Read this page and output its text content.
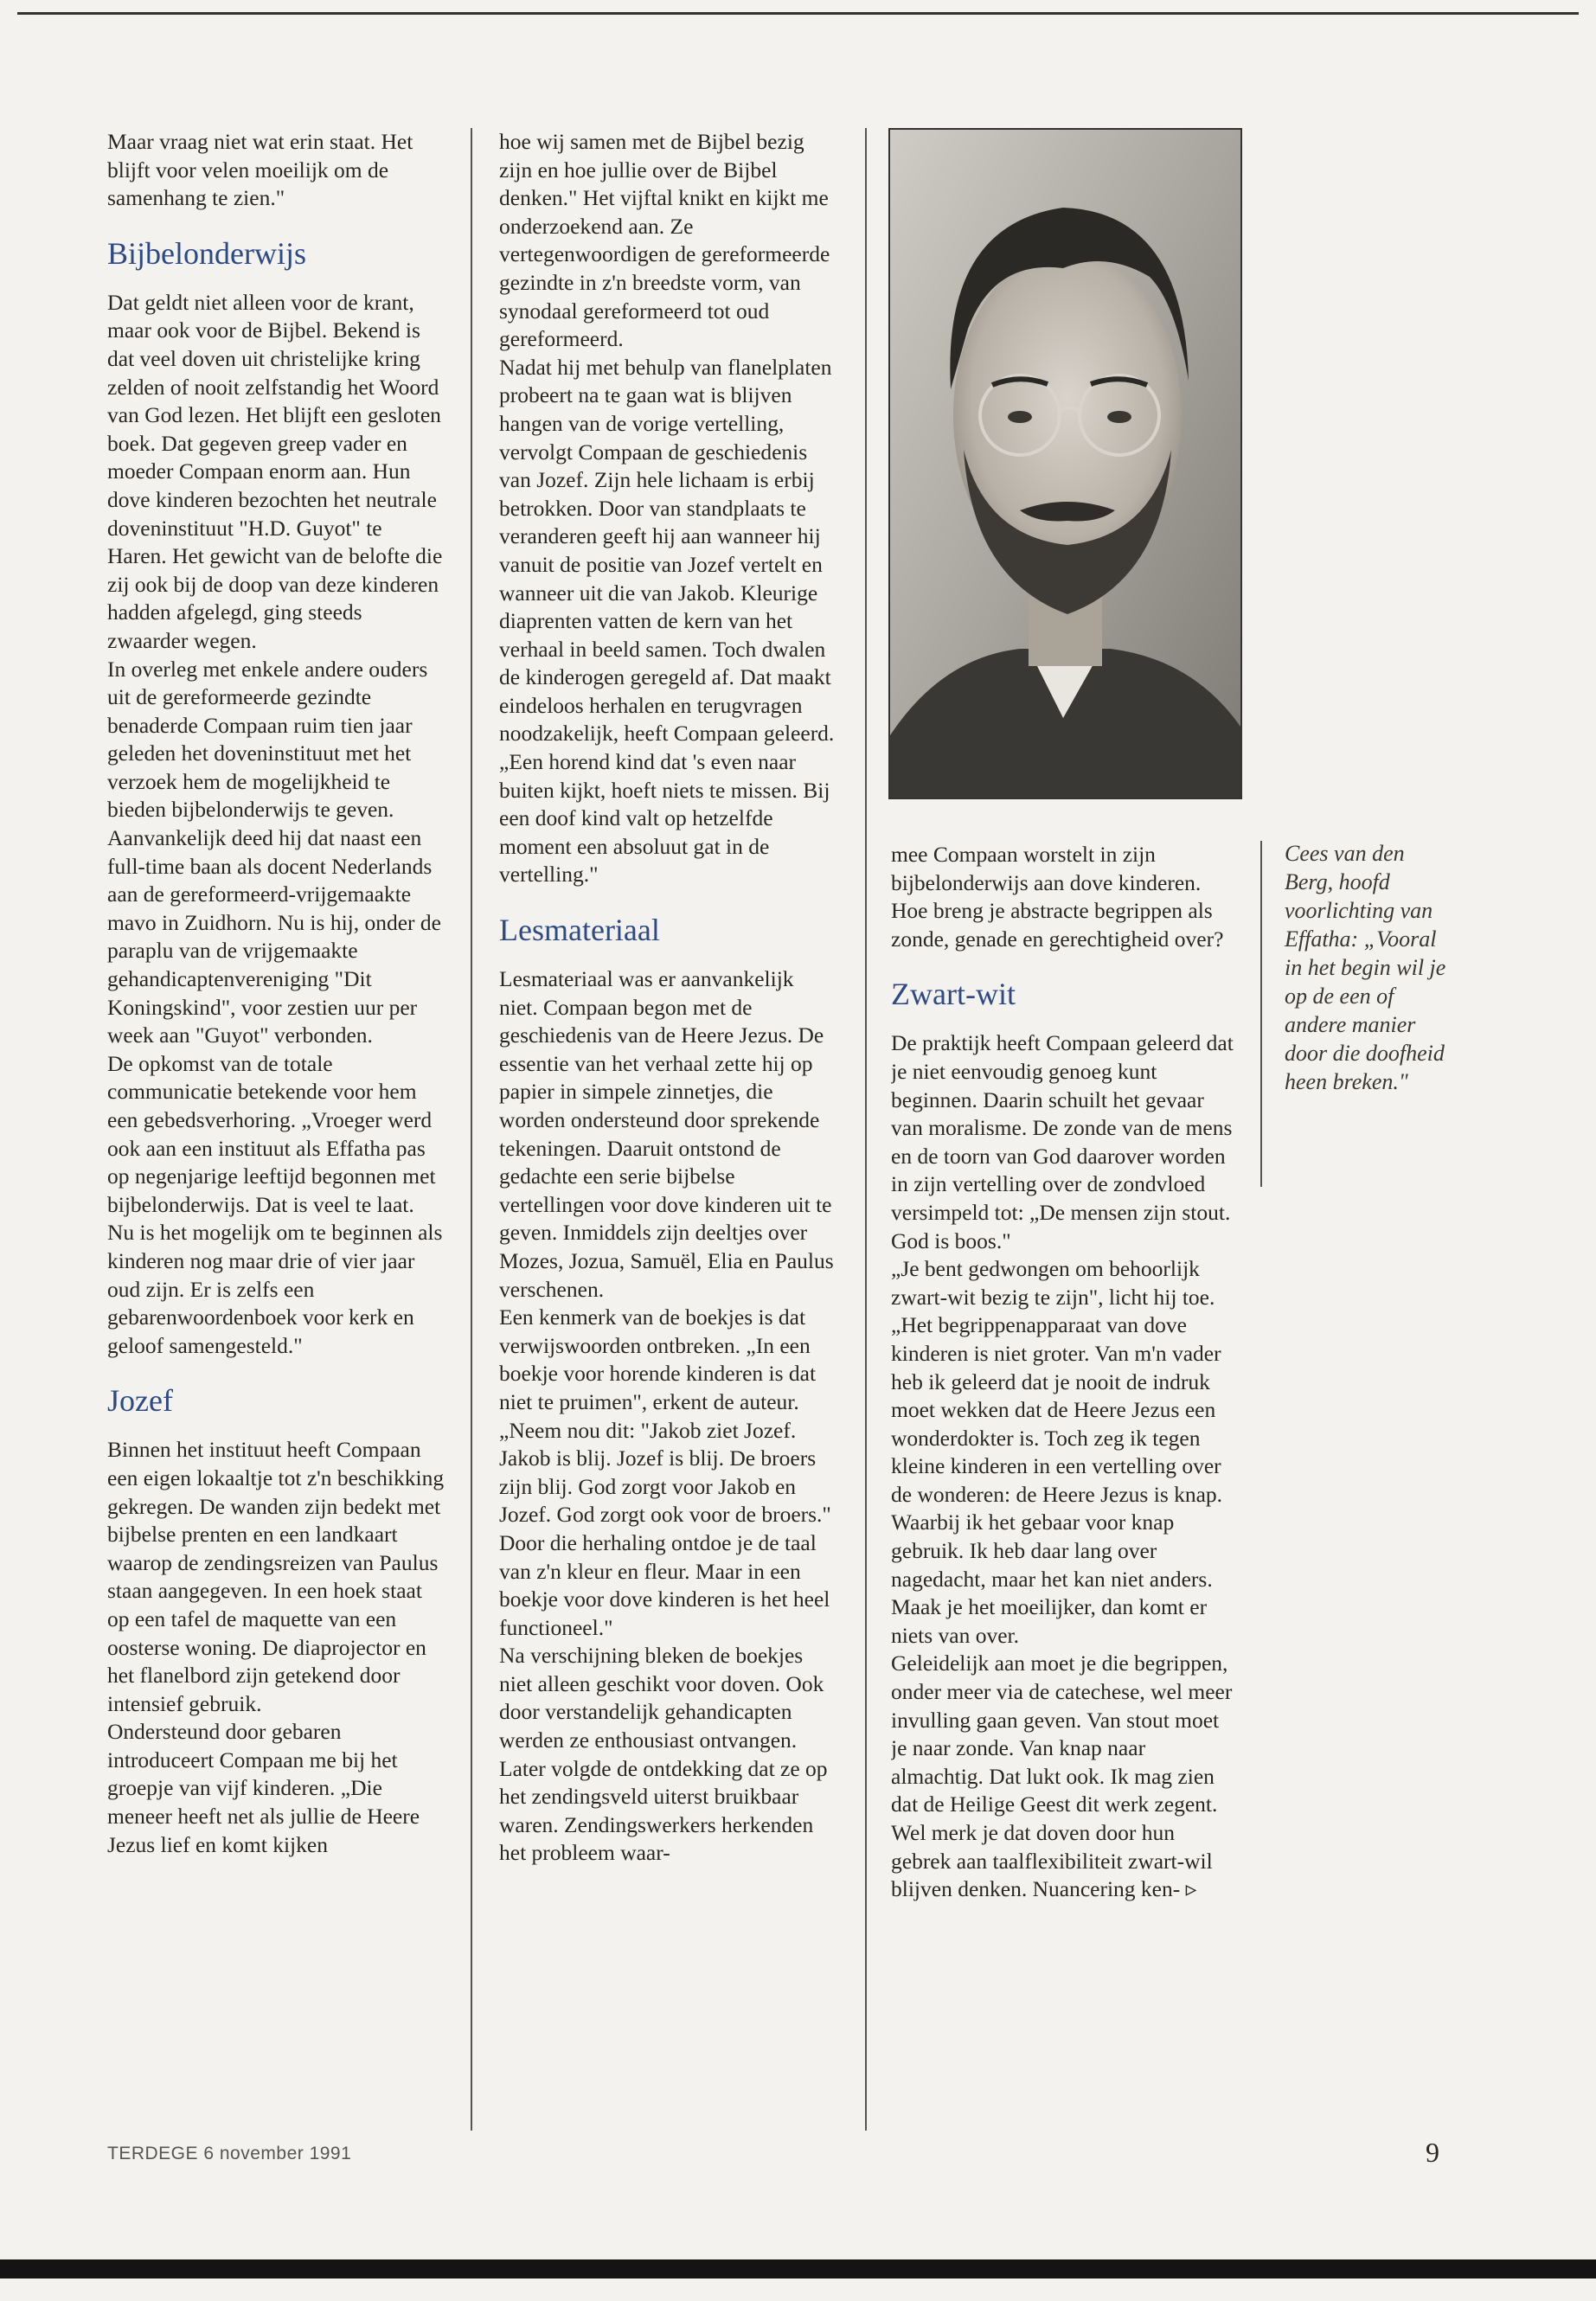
Maar vraag niet wat erin staat. Het blijft voor velen moeilijk om de samenhang te zien."

Bijbelonderwijs

Dat geldt niet alleen voor de krant, maar ook voor de Bijbel. Bekend is dat veel doven uit christelijke kring zelden of nooit zelfstandig het Woord van God lezen. Het blijft een gesloten boek. Dat gegeven greep vader en moeder Compaan enorm aan. Hun dove kinderen bezochten het neutrale doveninstituut "H.D. Guyot" te Haren. Het gewicht van de belofte die zij ook bij de doop van deze kinderen hadden afgelegd, ging steeds zwaarder wegen.

In overleg met enkele andere ouders uit de gereformeerde gezindte benaderde Compaan ruim tien jaar geleden het doveninstituut met het verzoek hem de mogelijkheid te bieden bijbelonderwijs te geven. Aanvankelijk deed hij dat naast een full-time baan als docent Nederlands aan de gereformeerd-vrijgemaakte mavo in Zuidhorn. Nu is hij, onder de paraplu van de vrijgemaakte gehandicaptenvereniging "Dit Koningskind", voor zestien uur per week aan "Guyot" verbonden.

De opkomst van de totale communicatie betekende voor hem een gebedsverhoring. „Vroeger werd ook aan een instituut als Effatha pas op negenjarige leeftijd begonnen met bijbelonderwijs. Dat is veel te laat. Nu is het mogelijk om te beginnen als kinderen nog maar drie of vier jaar oud zijn. Er is zelfs een gebarenwoordenboek voor kerk en geloof samengesteld."

Jozef

Binnen het instituut heeft Compaan een eigen lokaaltje tot z'n beschikking gekregen. De wanden zijn bedekt met bijbelse prenten en een landkaart waarop de zendingsreizen van Paulus staan aangegeven. In een hoek staat op een tafel de maquette van een oosterse woning. De diaprojector en het flanelbord zijn getekend door intensief gebruik.

Ondersteund door gebaren introduceert Compaan me bij het groepje van vijf kinderen. „Die meneer heeft net als jullie de Heere Jezus lief en komt kijken

hoe wij samen met de Bijbel bezig zijn en hoe jullie over de Bijbel denken." Het vijftal knikt en kijkt me onderzoekend aan. Ze vertegenwoordigen de gereformeerde gezindte in z'n breedste vorm, van synodaal gereformeerd tot oud gereformeerd.

Nadat hij met behulp van flanelplaten probeert na te gaan wat is blijven hangen van de vorige vertelling, vervolgt Compaan de geschiedenis van Jozef. Zijn hele lichaam is erbij betrokken. Door van standplaats te veranderen geeft hij aan wanneer hij vanuit de positie van Jozef vertelt en wanneer uit die van Jakob. Kleurige diaprenten vatten de kern van het verhaal in beeld samen. Toch dwalen de kinderogen geregeld af. Dat maakt eindeloos herhalen en terugvragen noodzakelijk, heeft Compaan geleerd. „Een horend kind dat 's even naar buiten kijkt, hoeft niets te missen. Bij een doof kind valt op hetzelfde moment een absoluut gat in de vertelling."

Lesmateriaal

Lesmateriaal was er aanvankelijk niet. Compaan begon met de geschiedenis van de Heere Jezus. De essentie van het verhaal zette hij op papier in simpele zinnetjes, die worden ondersteund door sprekende tekeningen. Daaruit ontstond de gedachte een serie bijbelse vertellingen voor dove kinderen uit te geven. Inmiddels zijn deeltjes over Mozes, Jozua, Samuël, Elia en Paulus verschenen.

Een kenmerk van de boekjes is dat verwijswoorden ontbreken. „In een boekje voor horende kinderen is dat niet te pruimen", erkent de auteur. „Neem nou dit: "Jakob ziet Jozef. Jakob is blij. Jozef is blij. De broers zijn blij. God zorgt voor Jakob en Jozef. God zorgt ook voor de broers." Door die herhaling ontdoe je de taal van z'n kleur en fleur. Maar in een boekje voor dove kinderen is het heel functioneel."

Na verschijning bleken de boekjes niet alleen geschikt voor doven. Ook door verstandelijk gehandicapten werden ze enthousiast ontvangen. Later volgde de ontdekking dat ze op het zendingsveld uiterst bruikbaar waren. Zendingswerkers herkenden het probleem waar-

mee Compaan worstelt in zijn bijbelonderwijs aan dove kinderen. Hoe breng je abstracte begrippen als zonde, genade en gerechtigheid over?

Zwart-wit

De praktijk heeft Compaan geleerd dat je niet eenvoudig genoeg kunt beginnen. Daarin schuilt het gevaar van moralisme. De zonde van de mens en de toorn van God daarover worden in zijn vertelling over de zondvloed versimpeld tot: „De mensen zijn stout. God is boos."

„Je bent gedwongen om behoorlijk zwart-wit bezig te zijn", licht hij toe. „Het begrippenapparaat van dove kinderen is niet groter. Van m'n vader heb ik geleerd dat je nooit de indruk moet wekken dat de Heere Jezus een wonderdokter is. Toch zeg ik tegen kleine kinderen in een vertelling over de wonderen: de Heere Jezus is knap. Waarbij ik het gebaar voor knap gebruik. Ik heb daar lang over nagedacht, maar het kan niet anders. Maak je het moeilijker, dan komt er niets van over.

Geleidelijk aan moet je die begrippen, onder meer via de catechese, wel meer invulling gaan geven. Van stout moet je naar zonde. Van knap naar almachtig. Dat lukt ook. Ik mag zien dat de Heilige Geest dit werk zegent. Wel merk je dat doven door hun gebrek aan taalflexibiliteit zwart-wil blijven denken. Nuancering ken- ▹

Cees van den Berg, hoofd voorlichting van Effatha: „Vooral in het begin wil je op de een of andere manier door die doofheid heen breken."

TERDEGE 6 november 1991	9
